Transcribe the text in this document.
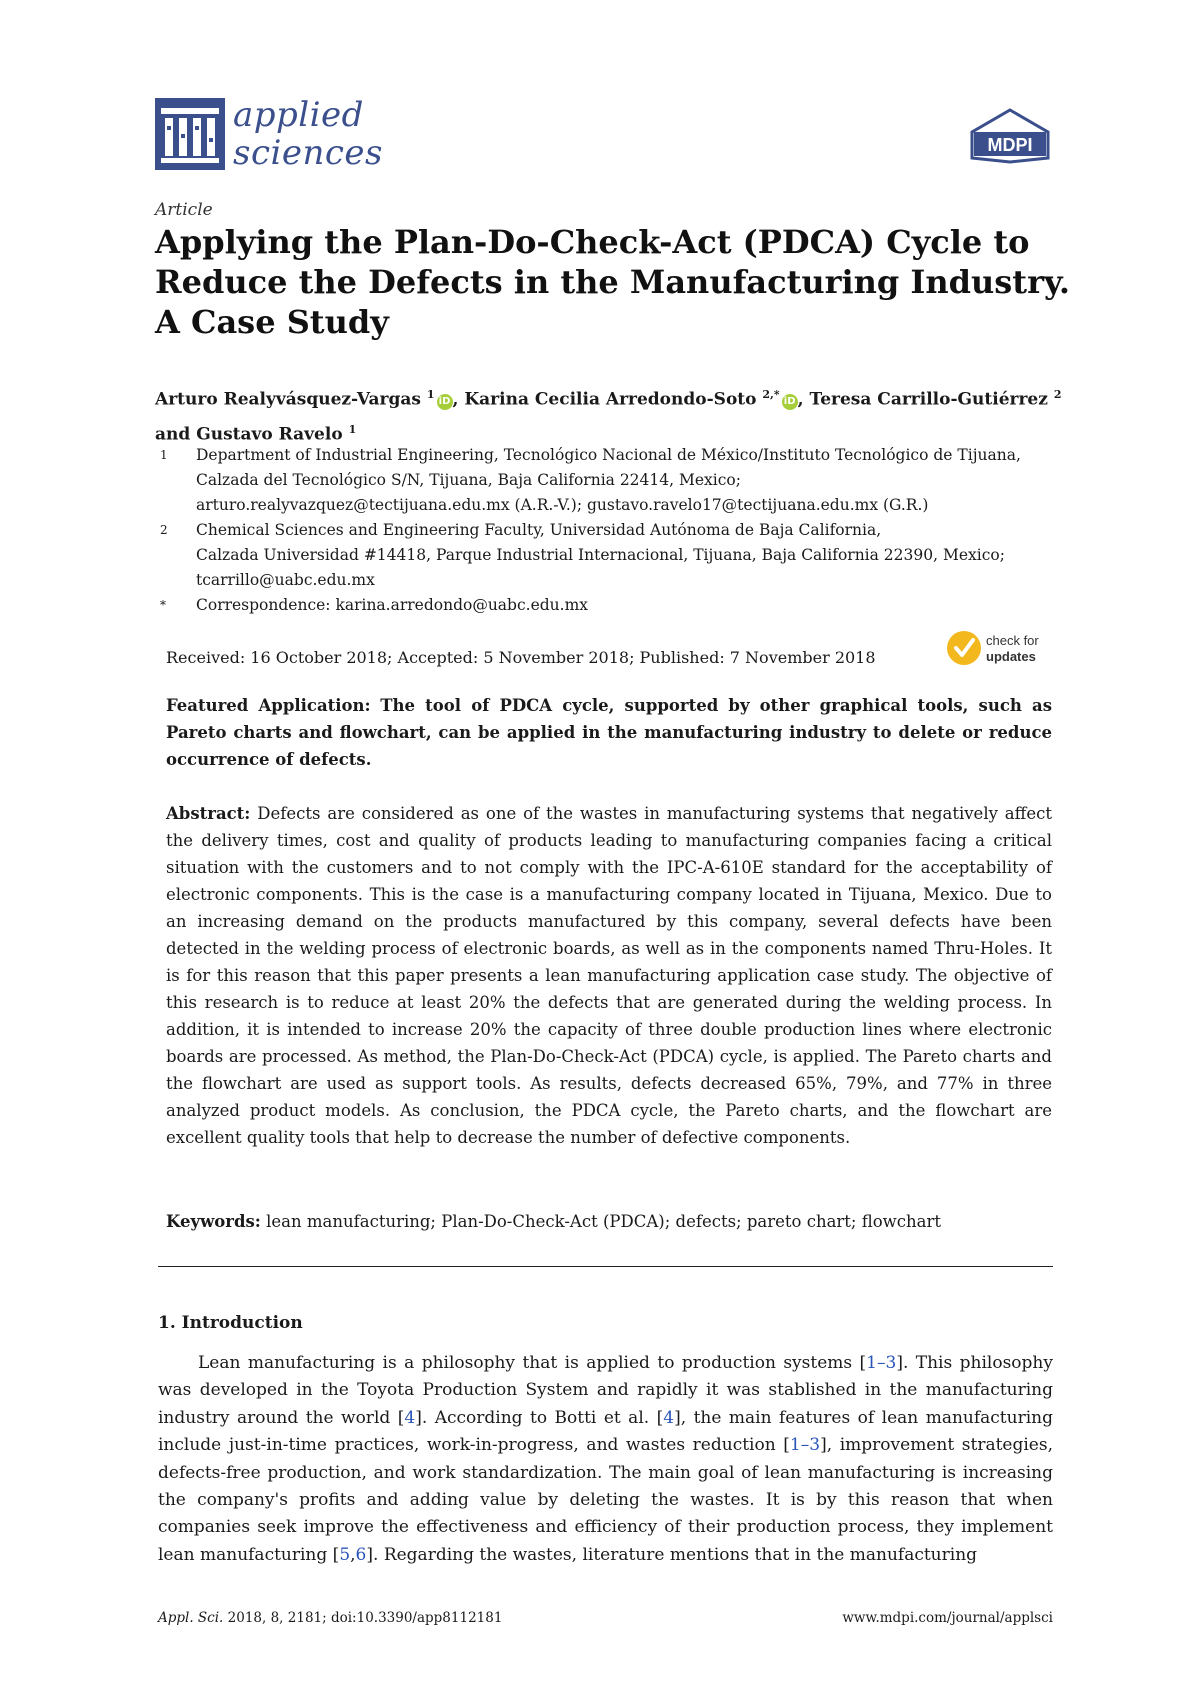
applied
sciences	MDPI
Article
Applying the Plan-Do-Check-Act (PDCA) Cycle to
Reduce the Defects in the Manufacturing Industry.
A Case Study
Arturo Realyvásquez-Vargas $^1$iD , Karina Cecilia Arredondo-Soto $^{2,*}$iD , Teresa Carrillo-Gutiérrez $^2$
and Gustavo Ravelo $^1$
1 Department of Industrial Engineering, Tecnológico Nacional de México/Instituto Tecnológico de Tijuana,
Calzada del Tecnológico S/N, Tijuana, Baja California 22414, Mexico;
arturo.realyvazquez@tectijuana.edu.mx (A.R.-V.); gustavo.ravelo17@tectijuana.edu.mx (G.R.)
2 Chemical Sciences and Engineering Faculty, Universidad Autónoma de Baja California,
Calzada Universidad #14418, Parque Industrial Internacional, Tijuana, Baja California 22390, Mexico;
tcarrillo@uabc.edu.mx
* Correspondence: karina.arredondo@uabc.edu.mx
Received: 16 October 2018; Accepted: 5 November 2018; Published: 7 November 2018
check for
updates
Featured Application: The tool of PDCA cycle, supported by other graphical tools, such as Pareto charts and flowchart, can be applied in the manufacturing industry to delete or reduce occurrence of defects.
Abstract: Defects are considered as one of the wastes in manufacturing systems that negatively affect the delivery times, cost and quality of products leading to manufacturing companies facing a critical situation with the customers and to not comply with the IPC-A-610E standard for the acceptability of electronic components. This is the case is a manufacturing company located in Tijuana, Mexico. Due to an increasing demand on the products manufactured by this company, several defects have been detected in the welding process of electronic boards, as well as in the components named Thru-Holes. It is for this reason that this paper presents a lean manufacturing application case study. The objective of this research is to reduce at least 20% the defects that are generated during the welding process. In addition, it is intended to increase 20% the capacity of three double production lines where electronic boards are processed. As method, the Plan-Do-Check-Act (PDCA) cycle, is applied. The Pareto charts and the flowchart are used as support tools. As results, defects decreased 65%, 79%, and 77% in three analyzed product models. As conclusion, the PDCA cycle, the Pareto charts, and the flowchart are excellent quality tools that help to decrease the number of defective components.
Keywords: lean manufacturing; Plan-Do-Check-Act (PDCA); defects; pareto chart; flowchart
1. Introduction

Lean manufacturing is a philosophy that is applied to production systems [1–3]. This philosophy was developed in the Toyota Production System and rapidly it was stablished in the manufacturing industry around the world [4]. According to Botti et al. [4], the main features of lean manufacturing include just-in-time practices, work-in-progress, and wastes reduction [1–3], improvement strategies, defects-free production, and work standardization. The main goal of lean manufacturing is increasing the company's profits and adding value by deleting the wastes. It is by this reason that when companies seek improve the effectiveness and efficiency of their production process, they implement lean manufacturing [5,6]. Regarding the wastes, literature mentions that in the manufacturing

Appl. Sci. 2018, 8, 2181; doi:10.3390/app8112181	www.mdpi.com/journal/applsci
